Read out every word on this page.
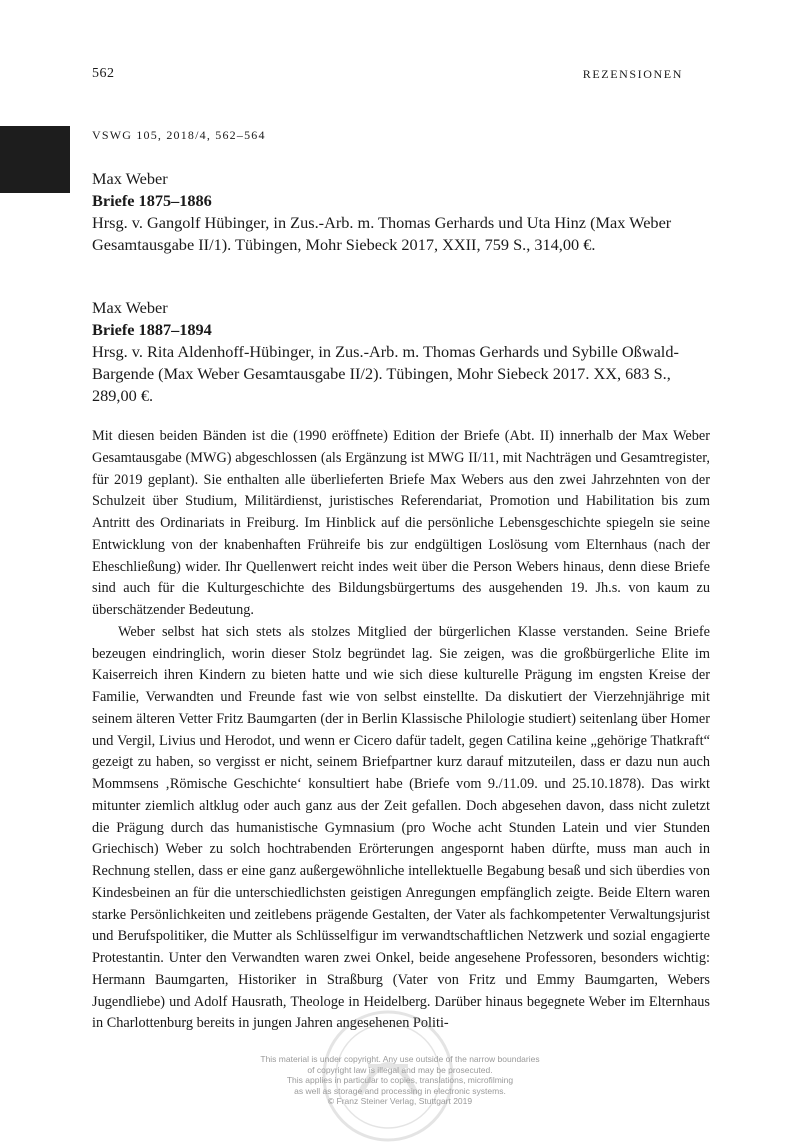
562	REZENSIONEN
VSWG 105, 2018/4, 562–564
Max Weber
Briefe 1875–1886
Hrsg. v. Gangolf Hübinger, in Zus.-Arb. m. Thomas Gerhards und Uta Hinz (Max Weber Gesamtausgabe II/1). Tübingen, Mohr Siebeck 2017, XXII, 759 S., 314,00 €.
Max Weber
Briefe 1887–1894
Hrsg. v. Rita Aldenhoff-Hübinger, in Zus.-Arb. m. Thomas Gerhards und Sybille Oßwald-Bargende (Max Weber Gesamtausgabe II/2). Tübingen, Mohr Siebeck 2017. XX, 683 S., 289,00 €.

Mit diesen beiden Bänden ist die (1990 eröffnete) Edition der Briefe (Abt. II) innerhalb der Max Weber Gesamtausgabe (MWG) abgeschlossen (als Ergänzung ist MWG II/11, mit Nachträgen und Gesamtregister, für 2019 geplant). Sie enthalten alle überlieferten Briefe Max Webers aus den zwei Jahrzehnten von der Schulzeit über Studium, Militärdienst, juristisches Referendariat, Promotion und Habilitation bis zum Antritt des Ordinariats in Freiburg. Im Hinblick auf die persönliche Lebensgeschichte spiegeln sie seine Entwicklung von der knabenhaften Frühreife bis zur endgültigen Loslösung vom Elternhaus (nach der Eheschließung) wider. Ihr Quellenwert reicht indes weit über die Person Webers hinaus, denn diese Briefe sind auch für die Kulturgeschichte des Bildungsbürgertums des ausgehenden 19. Jh.s. von kaum zu überschätzender Bedeutung.

Weber selbst hat sich stets als stolzes Mitglied der bürgerlichen Klasse verstanden. Seine Briefe bezeugen eindringlich, worin dieser Stolz begründet lag. Sie zeigen, was die großbürgerliche Elite im Kaiserreich ihren Kindern zu bieten hatte und wie sich diese kulturelle Prägung im engsten Kreise der Familie, Verwandten und Freunde fast wie von selbst einstellte. Da diskutiert der Vierzehnjährige mit seinem älteren Vetter Fritz Baumgarten (der in Berlin Klassische Philologie studiert) seitenlang über Homer und Vergil, Livius und Herodot, und wenn er Cicero dafür tadelt, gegen Catilina keine „gehörige Thatkraft“ gezeigt zu haben, so vergisst er nicht, seinem Briefpartner kurz darauf mitzuteilen, dass er dazu nun auch Mommsens ‚Römische Geschichte‘ konsultiert habe (Briefe vom 9./11.09. und 25.10.1878). Das wirkt mitunter ziemlich altklug oder auch ganz aus der Zeit gefallen. Doch abgesehen davon, dass nicht zuletzt die Prägung durch das humanistische Gymnasium (pro Woche acht Stunden Latein und vier Stunden Griechisch) Weber zu solch hochtrabenden Erörterungen angespornt haben dürfte, muss man auch in Rechnung stellen, dass er eine ganz außergewöhnliche intellektuelle Begabung besaß und sich überdies von Kindesbeinen an für die unterschiedlichsten geistigen Anregungen empfänglich zeigte. Beide Eltern waren starke Persönlichkeiten und zeitlebens prägende Gestalten, der Vater als fachkompetenter Verwaltungsjurist und Berufspolitiker, die Mutter als Schlüsselfigur im verwandtschaftlichen Netzwerk und sozial engagierte Protestantin. Unter den Verwandten waren zwei Onkel, beide angesehene Professoren, besonders wichtig: Hermann Baumgarten, Historiker in Straßburg (Vater von Fritz und Emmy Baumgarten, Webers Jugendliebe) und Adolf Hausrath, Theologe in Heidelberg. Darüber hinaus begegnete Weber im Elternhaus in Charlottenburg bereits in jungen Jahren angesehenen Politi-

This material is under copyright. Any use outside of the narrow boundaries
of copyright law is illegal and may be prosecuted.
This applies in particular to copies, translations, microfilming
as well as storage and processing in electronic systems.
© Franz Steiner Verlag, Stuttgart 2019
